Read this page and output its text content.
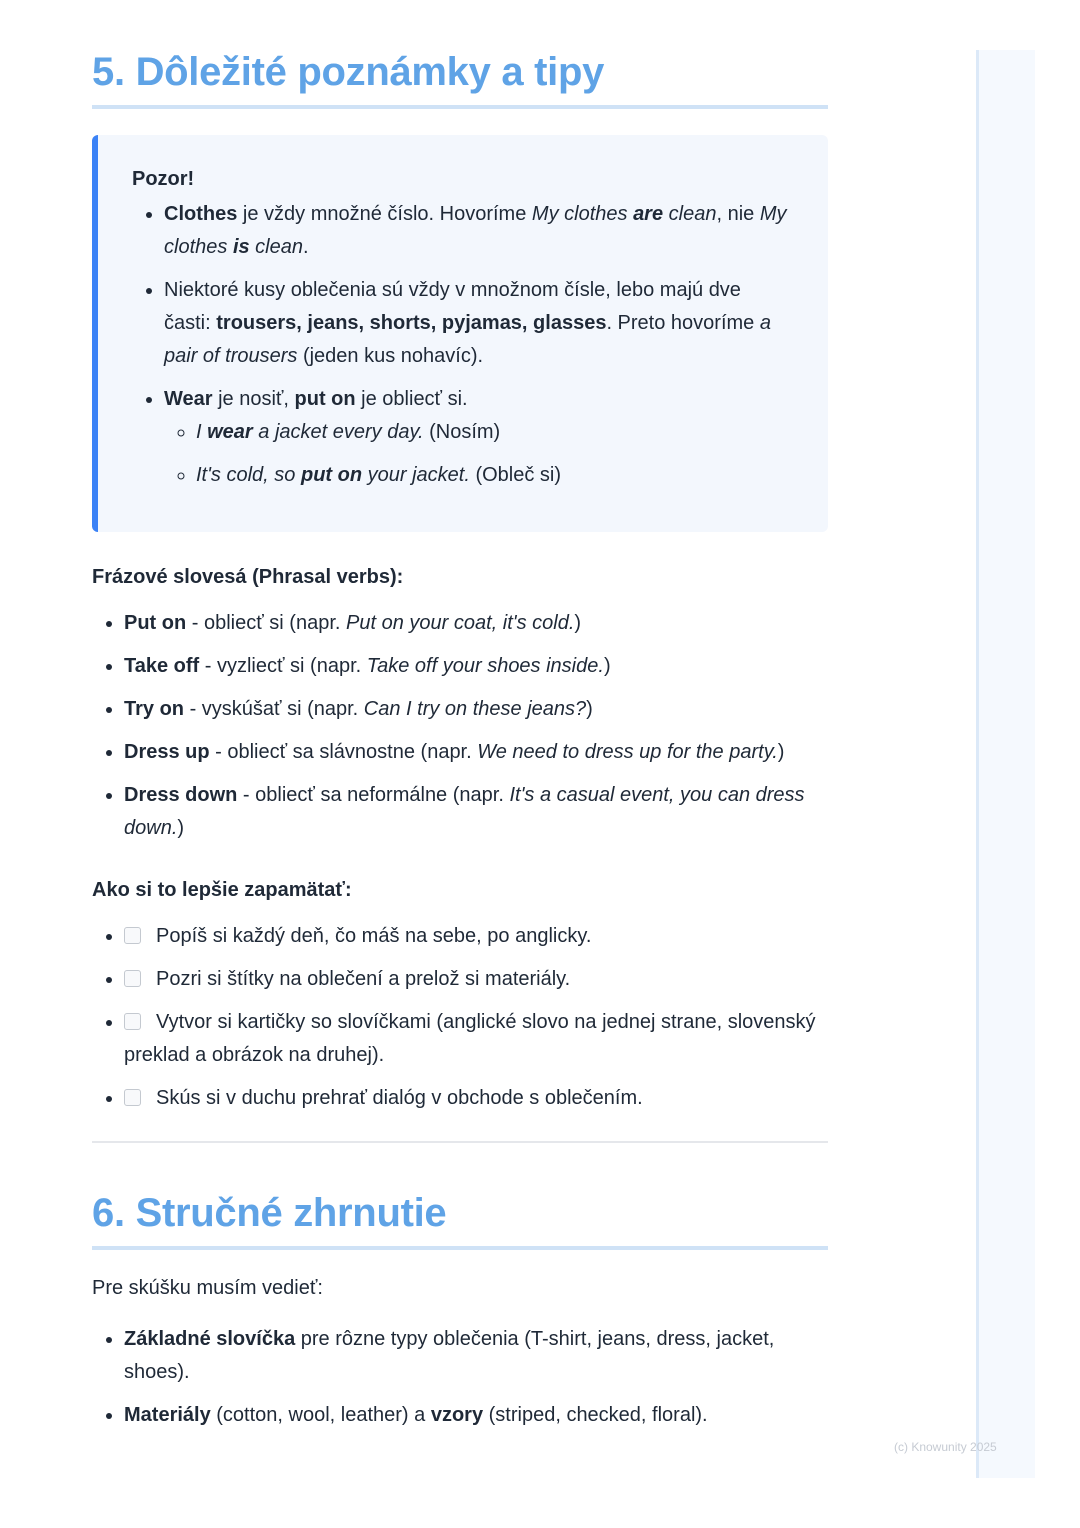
5. Dôležité poznámky a tipy
Pozor!
• Clothes je vždy množné číslo. Hovoríme My clothes are clean, nie My clothes is clean.
• Niektoré kusy oblečenia sú vždy v množnom čísle, lebo majú dve časti: trousers, jeans, shorts, pyjamas, glasses. Preto hovoríme a pair of trousers (jeden kus nohavíc).
• Wear je nosiť, put on je obliecť si.
◦ I wear a jacket every day. (Nosím)
◦ It's cold, so put on your jacket. (Obleč si)
Frázové slovesá (Phrasal verbs):
• Put on - obliecť si (napr. Put on your coat, it's cold.)
• Take off - vyzliecť si (napr. Take off your shoes inside.)
• Try on - vyskúšať si (napr. Can I try on these jeans?)
• Dress up - obliecť sa slávnostne (napr. We need to dress up for the party.)
• Dress down - obliecť sa neformálne (napr. It's a casual event, you can dress down.)
Ako si to lepšie zapamätať:
• Popíš si každý deň, čo máš na sebe, po anglicky.
• Pozri si štítky na oblečení a prelož si materiály.
• Vytvor si kartičky so slovíčkami (anglické slovo na jednej strane, slovenský preklad a obrázok na druhej).
• Skús si v duchu prehrať dialóg v obchode s oblečením.
6. Stručné zhrnutie
Pre skúšku musím vedieť:
• Základné slovíčka pre rôzne typy oblečenia (T-shirt, jeans, dress, jacket, shoes).
• Materiály (cotton, wool, leather) a vzory (striped, checked, floral).
(c) Knowunity 2025
